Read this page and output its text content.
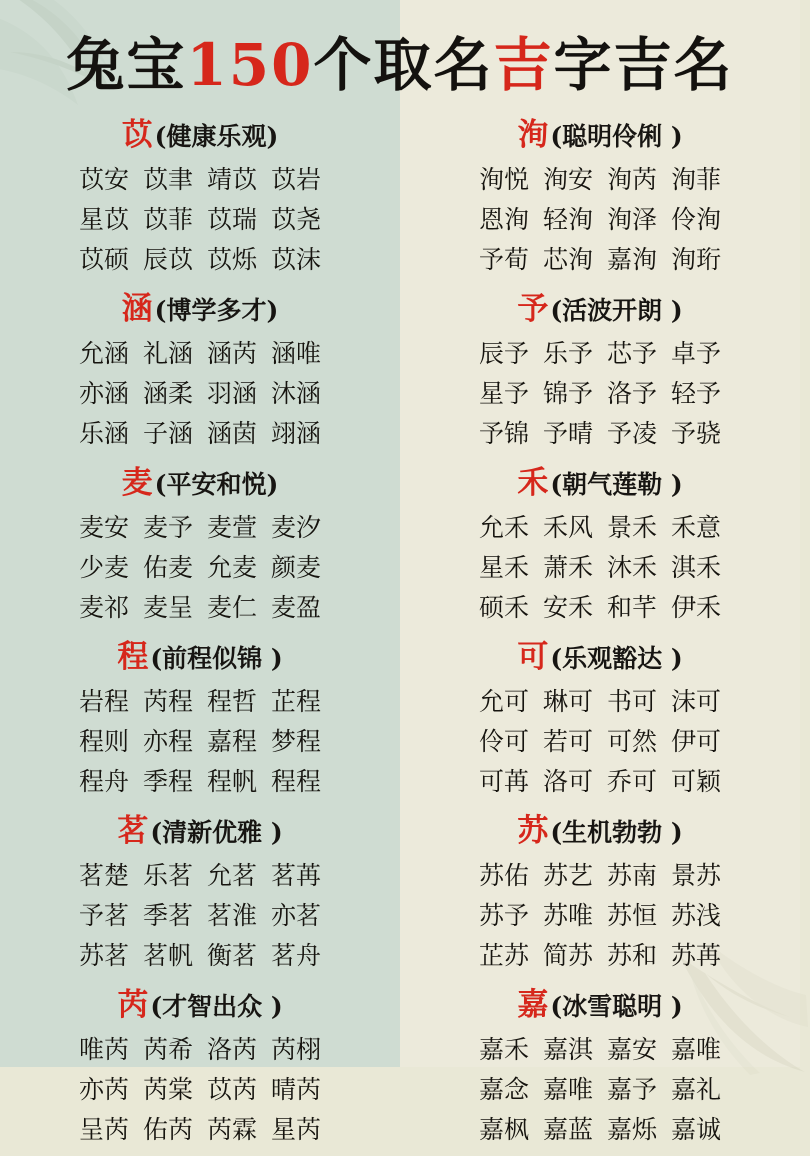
兔宝150个取名吉字吉名
苡(健康乐观)
苡安 苡聿 靖苡 苡岩
星苡 苡菲 苡瑞 苡尧
苡硕 辰苡 苡烁 苡沫
涵(博学多才)
允涵 礼涵 涵芮 涵唯
亦涵 涵柔 羽涵 沐涵
乐涵 子涵 涵茵 翊涵
麦(平安和悦)
麦安 麦予 麦萱 麦汐
少麦 佑麦 允麦 颜麦
麦祁 麦呈 麦仁 麦盈
程(前程似锦 )
岩程 芮程 程哲 芷程
程则 亦程 嘉程 梦程
程舟 季程 程帆 程程
茗(清新优雅 )
茗楚 乐茗 允茗 茗苒
予茗 季茗 茗淮 亦茗
苏茗 茗帆 衡茗 茗舟
芮(才智出众 )
唯芮 芮希 洛芮 芮栩
亦芮 芮棠 苡芮 晴芮
呈芮 佑芮 芮霖 星芮
洵(聪明伶俐 )
洵悦 洵安 洵芮 洵菲
恩洵 轻洵 洵泽 伶洵
予荀 芯洵 嘉洵 洵珩
予(活波开朗 )
辰予 乐予 芯予 卓予
星予 锦予 洛予 轻予
予锦 予晴 予凌 予骁
禾(朝气莲勒 )
允禾 禾风 景禾 禾意
星禾 萧禾 沐禾 淇禾
硕禾 安禾 和芊 伊禾
可(乐观豁达 )
允可 琳可 书可 沫可
伶可 若可 可然 伊可
可苒 洛可 乔可 可颖
苏(生机勃勃 )
苏佑 苏艺 苏南 景苏
苏予 苏唯 苏恒 苏浅
芷苏 简苏 苏和 苏苒
嘉(冰雪聪明 )
嘉禾 嘉淇 嘉安 嘉唯
嘉念 嘉唯 嘉予 嘉礼
嘉枫 嘉蓝 嘉烁 嘉诚
